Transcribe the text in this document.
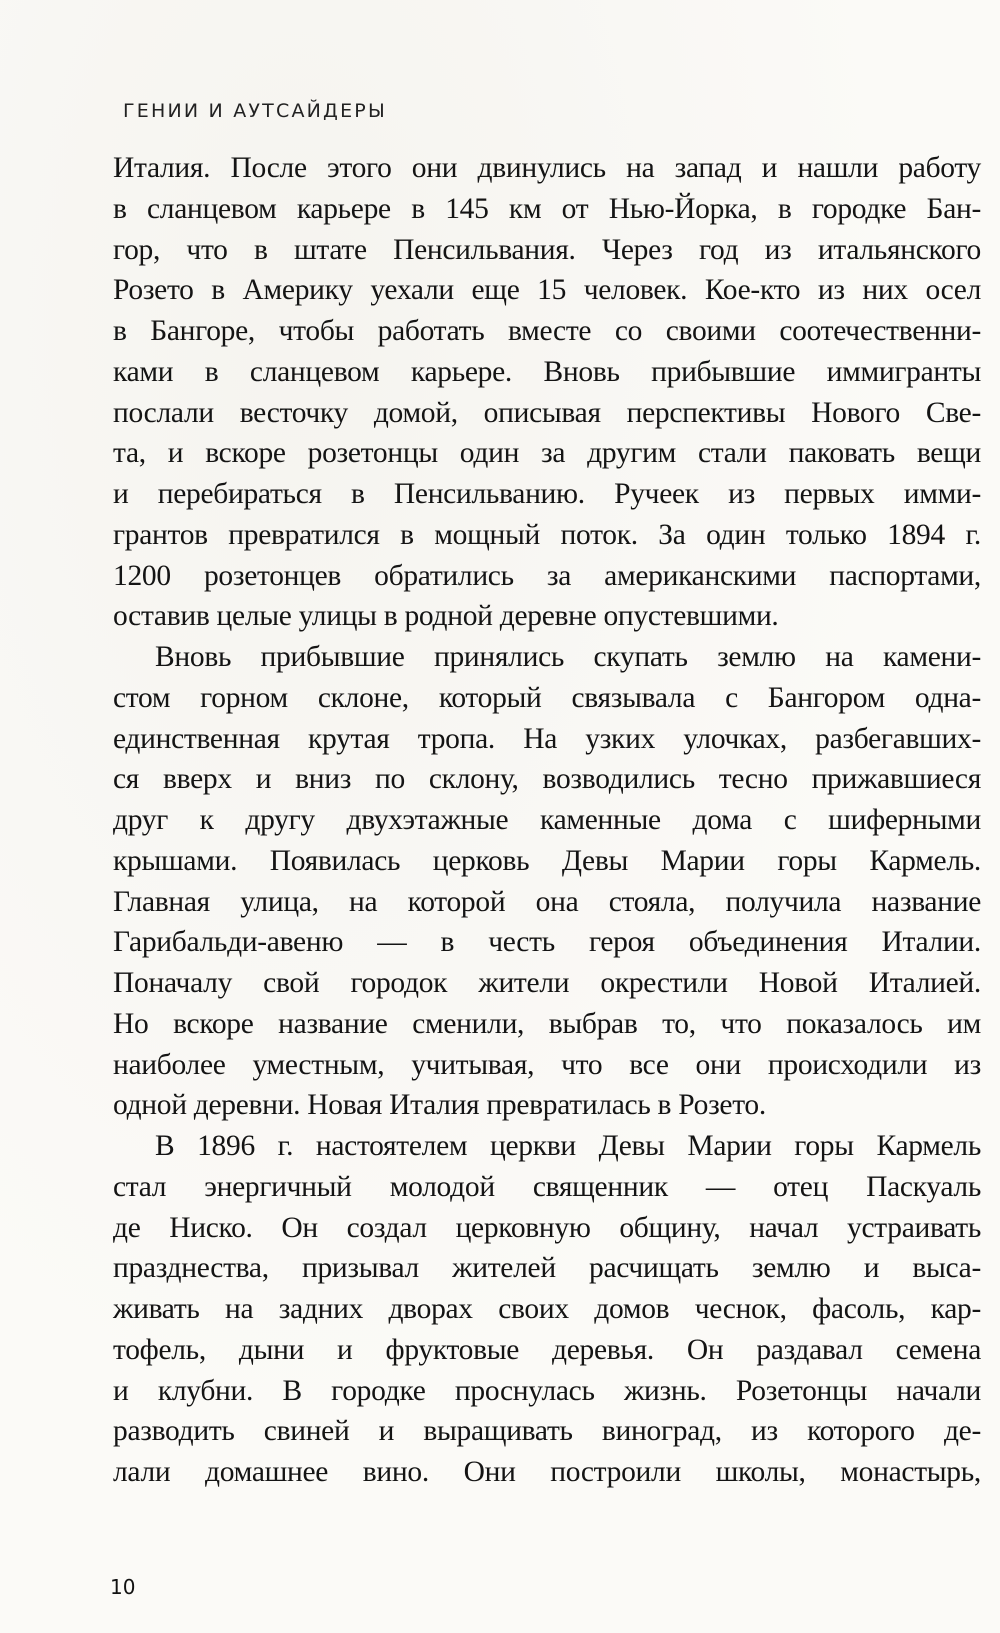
ГЕНИИ И АУТСАЙДЕРЫ
Италия. После этого они двинулись на запад и нашли работу
в сланцевом карьере в 145 км от Нью-Йорка, в городке Бан-
гор, что в штате Пенсильвания. Через год из итальянского
Розето в Америку уехали еще 15 человек. Кое-кто из них осел
в Бангоре, чтобы работать вместе со своими соотечественни-
ками в сланцевом карьере. Вновь прибывшие иммигранты
послали весточку домой, описывая перспективы Нового Све-
та, и вскоре розетонцы один за другим стали паковать вещи
и перебираться в Пенсильванию. Ручеек из первых имми-
грантов превратился в мощный поток. За один только 1894 г.
1200 розетонцев обратились за американскими паспортами,
оставив целые улицы в родной деревне опустевшими.
Вновь прибывшие принялись скупать землю на камени-
стом горном склоне, который связывала с Бангором одна-
единственная крутая тропа. На узких улочках, разбегавших-
ся вверх и вниз по склону, возводились тесно прижавшиеся
друг к другу двухэтажные каменные дома с шиферными
крышами. Появилась церковь Девы Марии горы Кармель.
Главная улица, на которой она стояла, получила название
Гарибальди-авеню — в честь героя объединения Италии.
Поначалу свой городок жители окрестили Новой Италией.
Но вскоре название сменили, выбрав то, что показалось им
наиболее уместным, учитывая, что все они происходили из
одной деревни. Новая Италия превратилась в Розето.
В 1896 г. настоятелем церкви Девы Марии горы Кармель
стал энергичный молодой священник — отец Паскуаль
де Ниско. Он создал церковную общину, начал устраивать
празднества, призывал жителей расчищать землю и выса-
живать на задних дворах своих домов чеснок, фасоль, кар-
тофель, дыни и фруктовые деревья. Он раздавал семена
и клубни. В городке проснулась жизнь. Розетонцы начали
разводить свиней и выращивать виноград, из которого де-
лали домашнее вино. Они построили школы, монастырь,
10
